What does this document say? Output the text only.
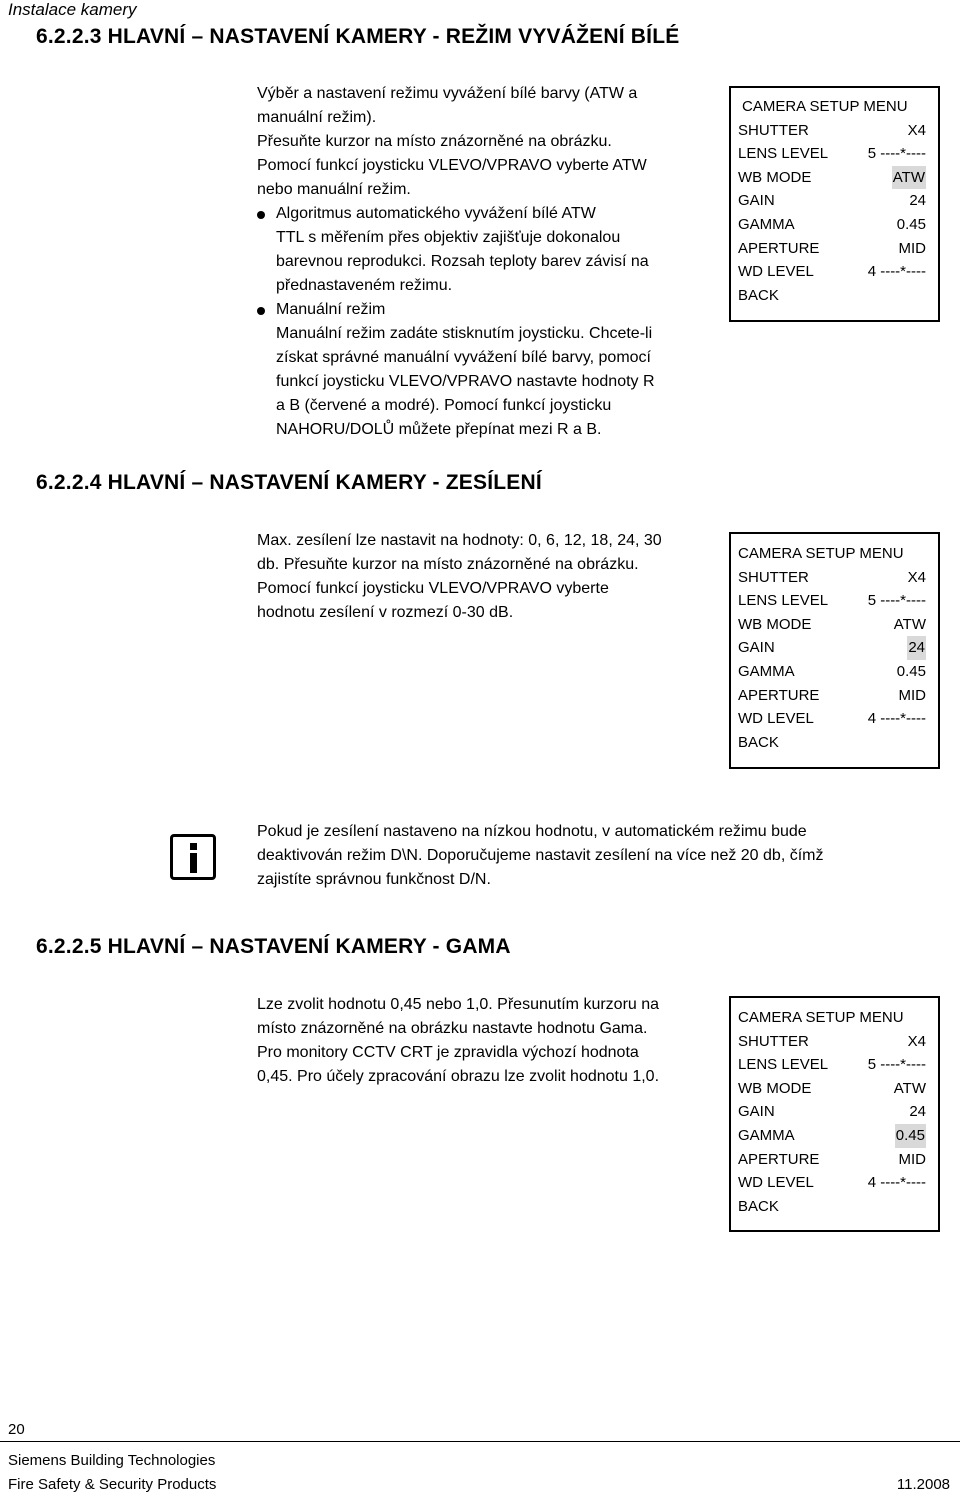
Instalace kamery
6.2.2.3 HLAVNÍ – NASTAVENÍ KAMERY - REŽIM VYVÁŽENÍ BÍLÉ

Výběr a nastavení režimu vyvážení bílé barvy (ATW a

manuální režim).

Přesuňte kurzor na místo znázorněné na obrázku.

Pomocí funkcí joysticku VLEVO/VPRAVO vyberte ATW

nebo manuální režim.

Algoritmus automatického vyvážení bílé ATW

TTL s měřením přes objektiv zajišťuje dokonalou

barevnou reprodukci. Rozsah teploty barev závisí na

přednastaveném režimu.

Manuální režim

Manuální režim zadáte stisknutím joysticku. Chcete-li

získat správné manuální vyvážení bílé barvy, pomocí

funkcí joysticku VLEVO/VPRAVO nastavte hodnoty R

a B (červené a modré). Pomocí funkcí joysticku

NAHORU/DOLŮ můžete přepínat mezi R a B.

CAMERA SETUP MENU
SHUTTER	X4
LENS LEVEL	5 ----*----
WB MODE	ATW
GAIN	24
GAMMA	0.45
APERTURE	MID
WD LEVEL	4 ----*----
BACK
6.2.2.4 HLAVNÍ – NASTAVENÍ KAMERY - ZESÍLENÍ

Max. zesílení lze nastavit na hodnoty: 0, 6, 12, 18, 24, 30

db. Přesuňte kurzor na místo znázorněné na obrázku.

Pomocí funkcí joysticku VLEVO/VPRAVO vyberte

hodnotu zesílení v rozmezí 0-30 dB.

CAMERA SETUP MENU
SHUTTER	X4
LENS LEVEL	5 ----*----
WB MODE	ATW
GAIN	24
GAMMA	0.45
APERTURE	MID
WD LEVEL	4 ----*----
BACK

Pokud je zesílení nastaveno na nízkou hodnotu, v automatickém režimu bude

deaktivován režim D\N. Doporučujeme nastavit zesílení na více než 20 db, čímž

zajistíte správnou funkčnost D/N.

6.2.2.5 HLAVNÍ – NASTAVENÍ KAMERY - GAMA

Lze zvolit hodnotu 0,45 nebo 1,0. Přesunutím kurzoru na

místo znázorněné na obrázku nastavte hodnotu Gama.

Pro monitory CCTV CRT je zpravidla výchozí hodnota

0,45. Pro účely zpracování obrazu lze zvolit hodnotu 1,0.

CAMERA SETUP MENU
SHUTTER	X4
LENS LEVEL	5 ----*----
WB MODE	ATW
GAIN	24
GAMMA	0.45
APERTURE	MID
WD LEVEL	4 ----*----
BACK
20
Siemens Building Technologies
Fire Safety & Security Products	11.2008
